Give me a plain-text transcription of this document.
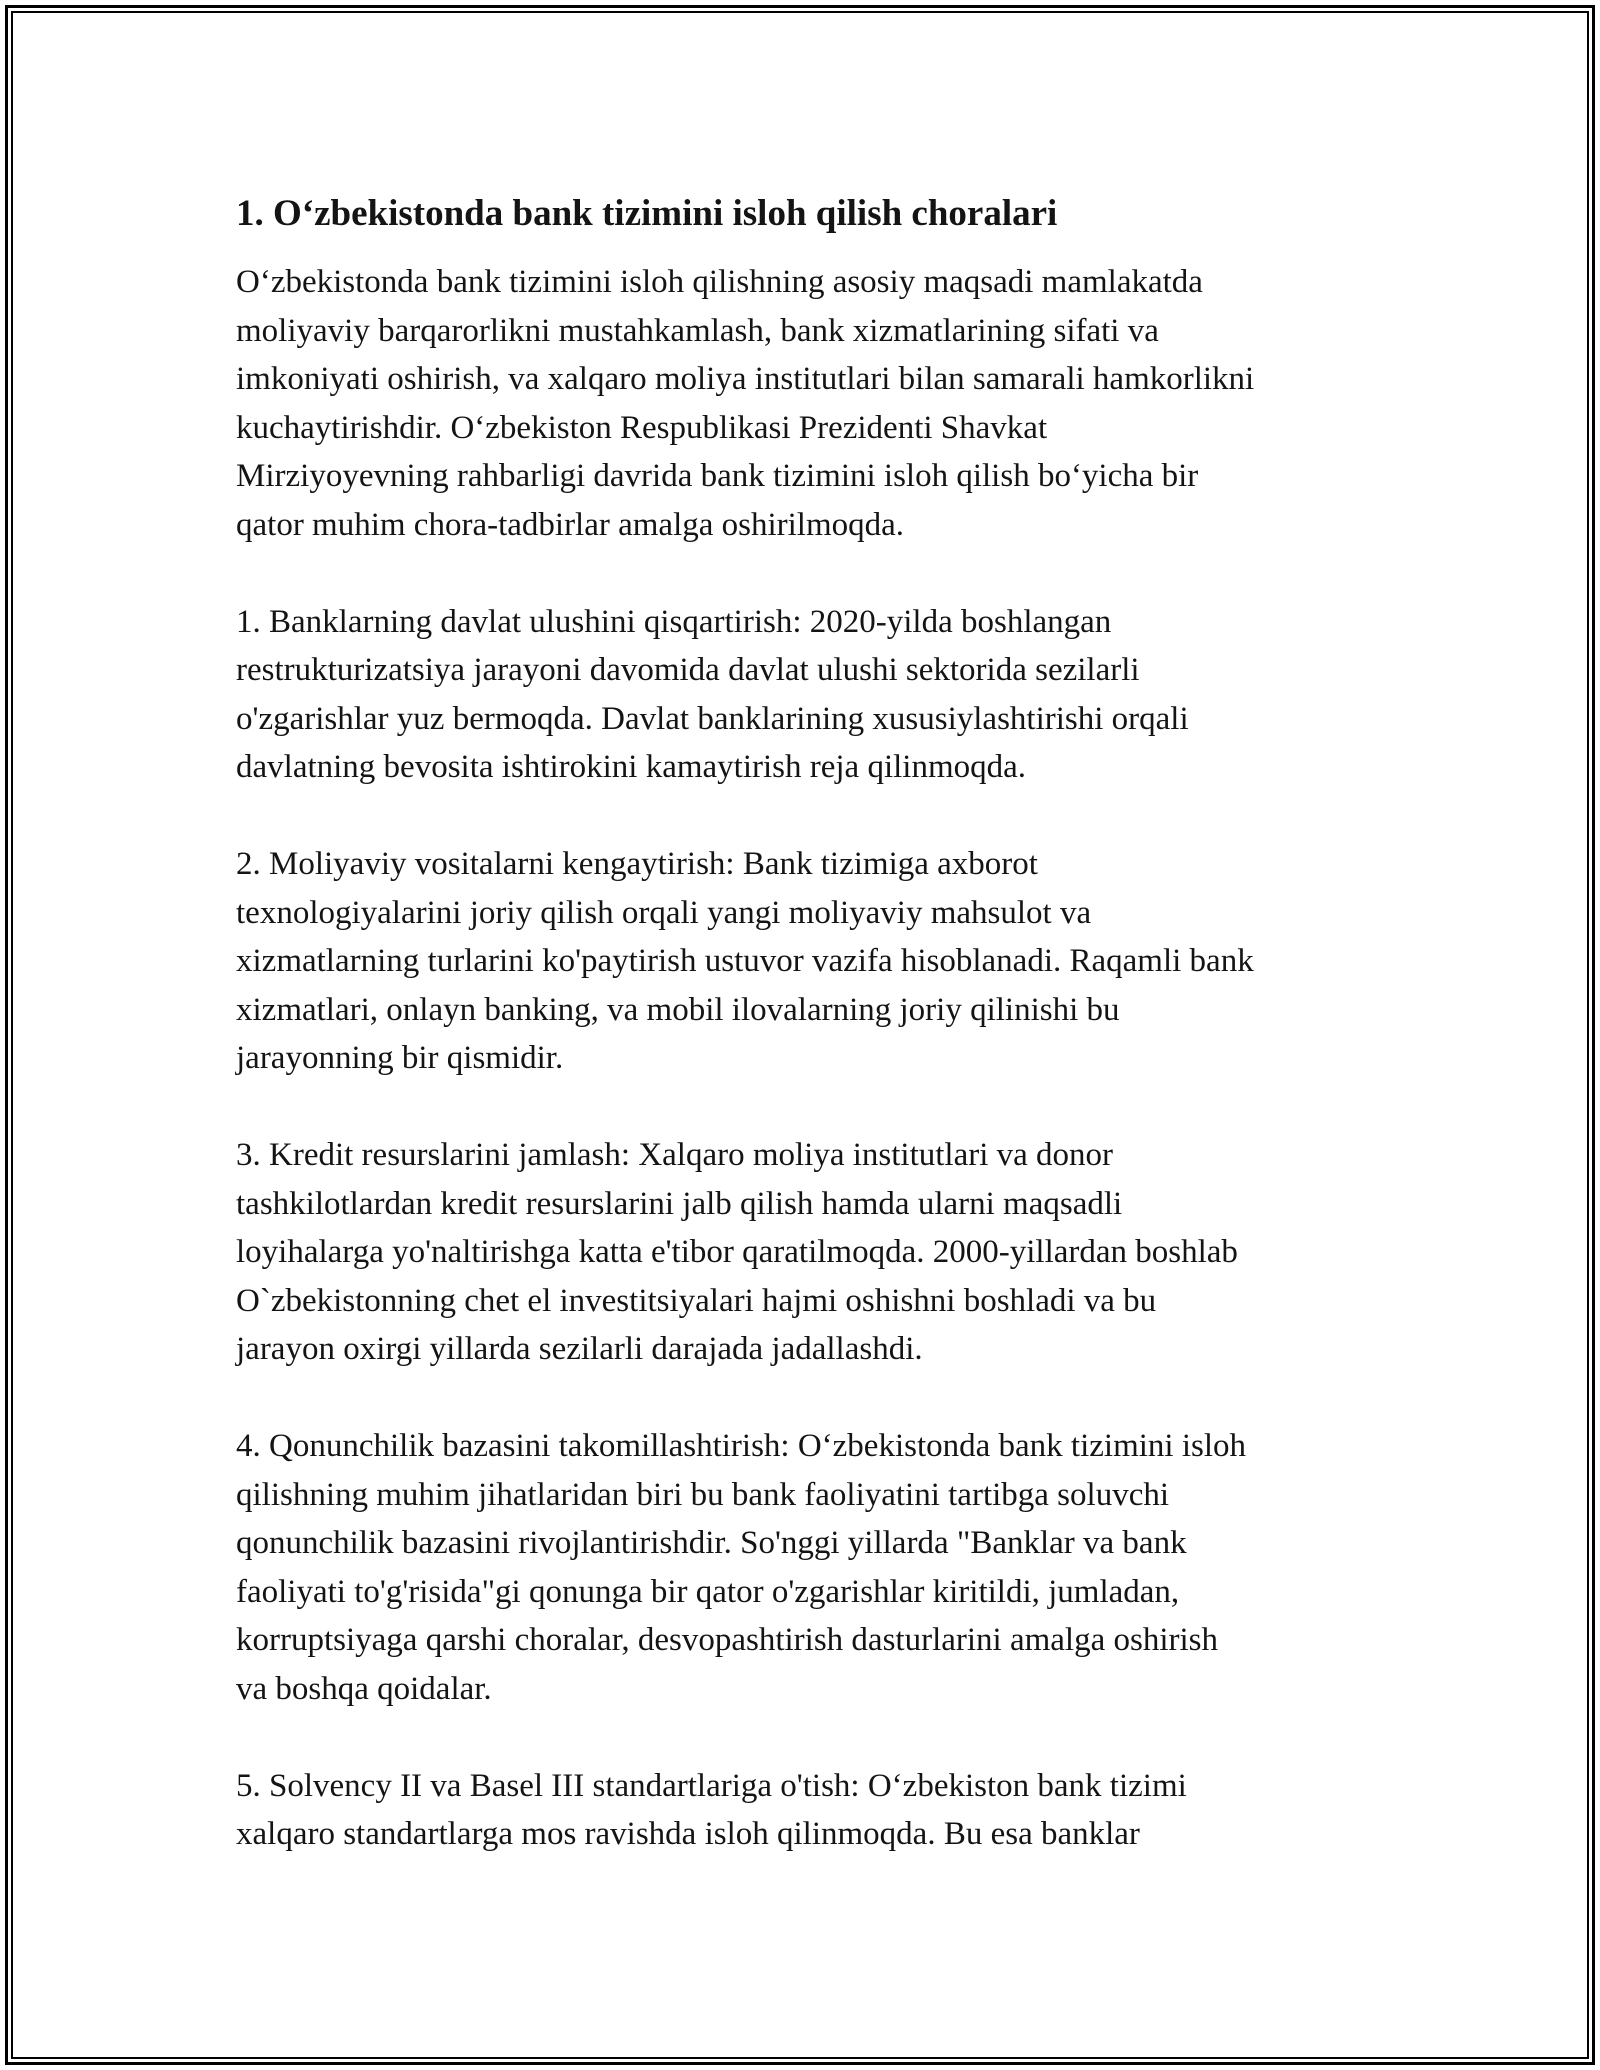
1. O‘zbekistonda bank tizimini isloh qilish choralari
O‘zbekistonda bank tizimini isloh qilishning asosiy maqsadi mamlakatda
moliyaviy barqarorlikni mustahkamlash, bank xizmatlarining sifati va
imkoniyati oshirish, va xalqaro moliya institutlari bilan samarali hamkorlikni
kuchaytirishdir. O‘zbekiston Respublikasi Prezidenti Shavkat
Mirziyoyevning rahbarligi davrida bank tizimini isloh qilish bo‘yicha bir
qator muhim chora-tadbirlar amalga oshirilmoqda.
1. Banklarning davlat ulushini qisqartirish: 2020-yilda boshlangan
restrukturizatsiya jarayoni davomida davlat ulushi sektorida sezilarli
o'zgarishlar yuz bermoqda. Davlat banklarining xususiylashtirishi orqali
davlatning bevosita ishtirokini kamaytirish reja qilinmoqda.
2. Moliyaviy vositalarni kengaytirish: Bank tizimiga axborot
texnologiyalarini joriy qilish orqali yangi moliyaviy mahsulot va
xizmatlarning turlarini ko'paytirish ustuvor vazifa hisoblanadi. Raqamli bank
xizmatlari, onlayn banking, va mobil ilovalarning joriy qilinishi bu
jarayonning bir qismidir.
3. Kredit resurslarini jamlash: Xalqaro moliya institutlari va donor
tashkilotlardan kredit resurslarini jalb qilish hamda ularni maqsadli
loyihalarga yo'naltirishga katta e'tibor qaratilmoqda. 2000-yillardan boshlab
O`zbekistonning chet el investitsiyalari hajmi oshishni boshladi va bu
jarayon oxirgi yillarda sezilarli darajada jadallashdi.
4. Qonunchilik bazasini takomillashtirish: O‘zbekistonda bank tizimini isloh
qilishning muhim jihatlaridan biri bu bank faoliyatini tartibga soluvchi
qonunchilik bazasini rivojlantirishdir. So'nggi yillarda "Banklar va bank
faoliyati to'g'risida"gi qonunga bir qator o'zgarishlar kiritildi, jumladan,
korruptsiyaga qarshi choralar, desvopashtirish dasturlarini amalga oshirish
va boshqa qoidalar.
5. Solvency II va Basel III standartlariga o'tish: O‘zbekiston bank tizimi
xalqaro standartlarga mos ravishda isloh qilinmoqda. Bu esa banklar
